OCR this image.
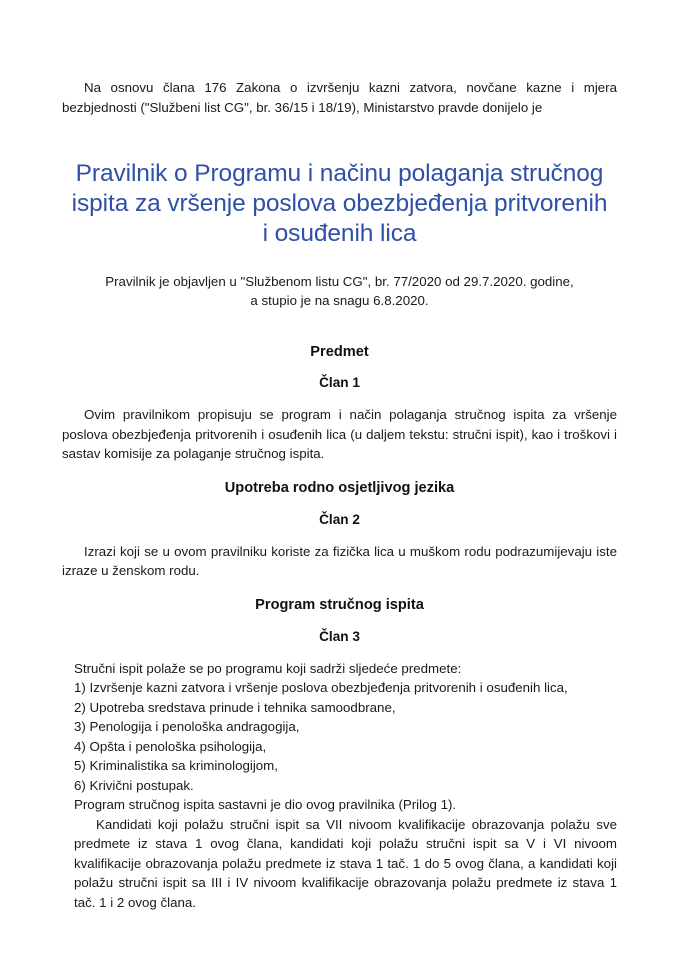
Na osnovu člana 176 Zakona o izvršenju kazni zatvora, novčane kazne i mjera bezbjednosti ("Službeni list CG", br. 36/15 i 18/19), Ministarstvo pravde donijelo je

Pravilnik o Programu i načinu polaganja stručnog
ispita za vršenje poslova obezbjeđenja pritvorenih
i osuđenih lica

Pravilnik je objavljen u "Službenom listu CG", br. 77/2020 od 29.7.2020. godine,
a stupio je na snagu 6.8.2020.

Predmet
Član 1

Ovim pravilnikom propisuju se program i način polaganja stručnog ispita za vršenje poslova obezbjeđenja pritvorenih i osuđenih lica (u daljem tekstu: stručni ispit), kao i troškovi i sastav komisije za polaganje stručnog ispita.

Upotreba rodno osjetljivog jezika
Član 2

Izrazi koji se u ovom pravilniku koriste za fizička lica u muškom rodu podrazumijevaju iste izraze u ženskom rodu.

Program stručnog ispita
Član 3

Stručni ispit polaže se po programu koji sadrži sljedeće predmete:

1) Izvršenje kazni zatvora i vršenje poslova obezbjeđenja pritvorenih i osuđenih lica,

2) Upotreba sredstava prinude i tehnika samoodbrane,

3) Penologija i penološka andragogija,

4) Opšta i penološka psihologija,

5) Kriminalistika sa kriminologijom,

6) Krivični postupak.

Program stručnog ispita sastavni je dio ovog pravilnika (Prilog 1).

Kandidati koji polažu stručni ispit sa VII nivoom kvalifikacije obrazovanja polažu sve predmete iz stava 1 ovog člana, kandidati koji polažu stručni ispit sa V i VI nivoom kvalifikacije obrazovanja polažu predmete iz stava 1 tač. 1 do 5 ovog člana, a kandidati koji polažu stručni ispit sa III i IV nivoom kvalifikacije obrazovanja polažu predmete iz stava 1 tač. 1 i 2 ovog člana.
